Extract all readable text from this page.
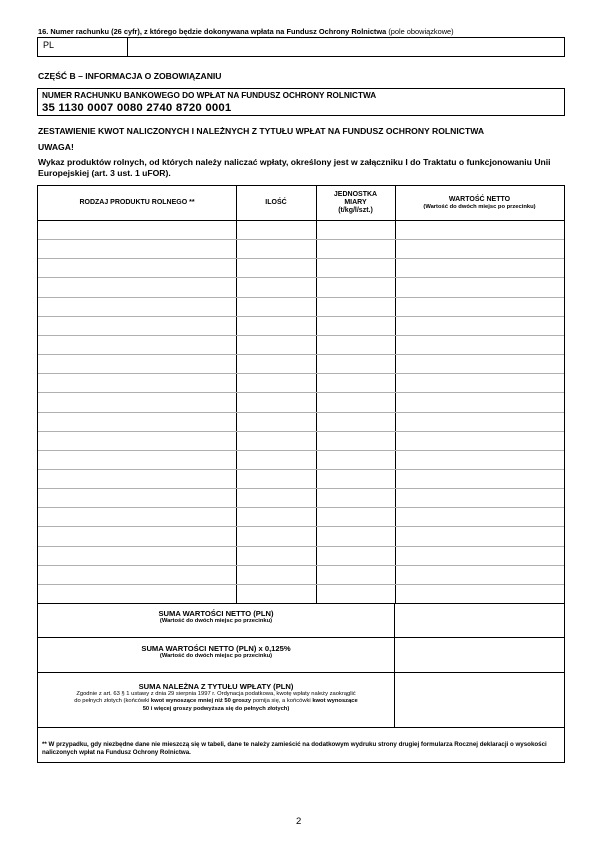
16. Numer rachunku (26 cyfr), z którego będzie dokonywana wpłata na Fundusz Ochrony Rolnictwa (pole obowiązkowe)
PL
CZĘŚĆ B – INFORMACJA O ZOBOWIĄZANIU
NUMER RACHUNKU BANKOWEGO DO WPŁAT NA FUNDUSZ OCHRONY ROLNICTWA
35 1130 0007 0080 2740 8720 0001
ZESTAWIENIE KWOT NALICZONYCH I NALEŻNYCH Z TYTUŁU WPŁAT NA FUNDUSZ OCHRONY ROLNICTWA
UWAGA!
Wykaz produktów rolnych, od których należy naliczać wpłaty, określony jest w załączniku I do Traktatu o funkcjonowaniu Unii Europejskiej (art. 3 ust. 1 uFOR).
RODZAJ PRODUKTU ROLNEGO **	ILOŚĆ
JEDNOSTKA
MIARY
(t/kg/l/szt.)
WARTOŚĆ NETTO
(Wartość do dwóch miejsc po przecinku)
SUMA WARTOŚCI NETTO (PLN)
(Wartość do dwóch miejsc po przecinku)
SUMA WARTOŚCI NETTO (PLN) x 0,125%
(Wartość do dwóch miejsc po przecinku)
SUMA NALEŻNA Z TYTUŁU WPŁATY (PLN)
Zgodnie z art. 63 § 1 ustawy z dnia 29 sierpnia 1997 r. Ordynacja podatkowa, kwotę wpłaty należy zaokrąglić
do pełnych złotych (końcówki kwot wynoszące mniej niż 50 groszy pomija się, a końcówki kwot wynoszące
50 i więcej groszy podwyższa się do pełnych złotych)
** W przypadku, gdy niezbędne dane nie mieszczą się w tabeli, dane te należy zamieścić na dodatkowym wydruku strony drugiej formularza Rocznej deklaracji o wysokości naliczonych wpłat na Fundusz Ochrony Rolnictwa.
2
